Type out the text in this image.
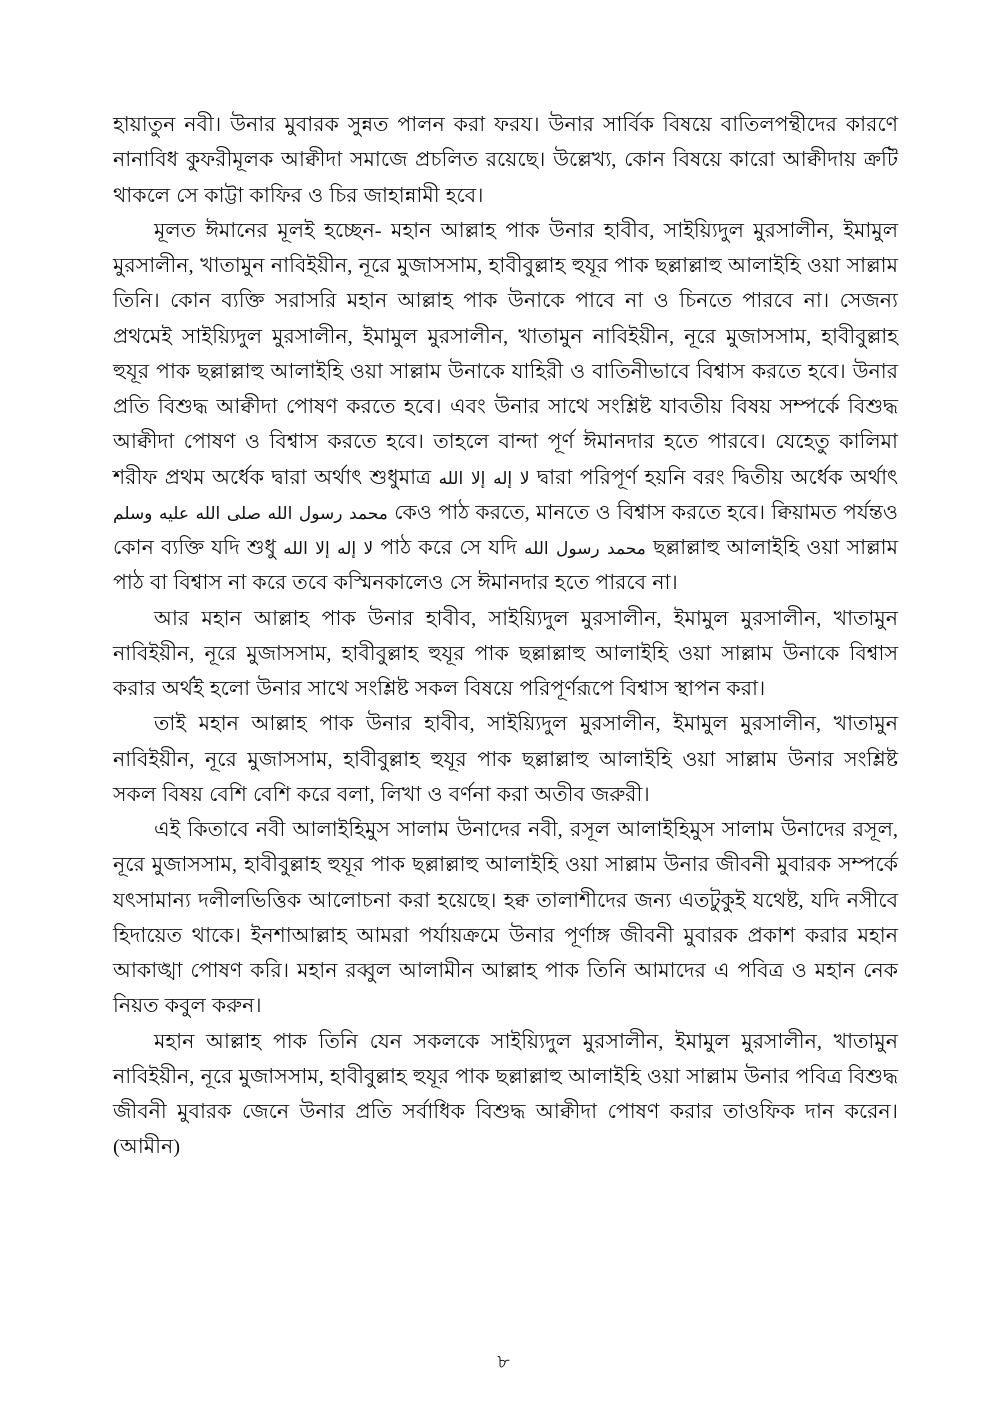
হায়াতুন নবী। উনার মুবারক সুন্নত পালন করা ফরয। উনার সার্বিক বিষয়ে বাতিলপন্থীদের কারণে নানাবিধ কুফরীমূলক আক্বীদা সমাজে প্রচলিত রয়েছে। উল্লেখ্য, কোন বিষয়ে কারো আক্বীদায় ক্রটি থাকলে সে কাট্টা কাফির ও চির জাহান্নামী হবে।

মূলত ঈমানের মূলই হচ্ছেন- মহান আল্লাহ পাক উনার হাবীব, সাইয়্যিদুল মুরসালীন, ইমামুল মুরসালীন, খাতামুন নাবিইয়ীন, নূরে মুজাসসাম, হাবীবুল্লাহ হুযূর পাক ছল্লাল্লাহু আলাইহি ওয়া সাল্লাম তিনি। কোন ব্যক্তি সরাসরি মহান আল্লাহ পাক উনাকে পাবে না ও চিনতে পারবে না। সেজন্য প্রথমেই সাইয়্যিদুল মুরসালীন, ইমামুল মুরসালীন, খাতামুন নাবিইয়ীন, নূরে মুজাসসাম, হাবীবুল্লাহ হুযূর পাক ছল্লাল্লাহু আলাইহি ওয়া সাল্লাম উনাকে যাহিরী ও বাতিনীভাবে বিশ্বাস করতে হবে। উনার প্রতি বিশুদ্ধ আক্বীদা পোষণ করতে হবে। এবং উনার সাথে সংশ্লিষ্ট যাবতীয় বিষয় সম্পর্কে বিশুদ্ধ আক্বীদা পোষণ ও বিশ্বাস করতে হবে। তাহলে বান্দা পূর্ণ ঈমানদার হতে পারবে। যেহেতু কালিমা শরীফ প্রথম অর্ধেক দ্বারা অর্থাৎ শুধুমাত্র لا إله إلا الله দ্বারা পরিপূর্ণ হয়নি বরং দ্বিতীয় অর্ধেক অর্থাৎ محمد رسول الله صلى الله عليه وسلم কেও পাঠ করতে, মানতে ও বিশ্বাস করতে হবে। ক্বিয়ামত পর্যন্তও কোন ব্যক্তি যদি শুধু لا إله إلا الله পাঠ করে সে যদি محمد رسول الله ছল্লাল্লাহু আলাইহি ওয়া সাল্লাম পাঠ বা বিশ্বাস না করে তবে কস্মিনকালেও সে ঈমানদার হতে পারবে না।

আর মহান আল্লাহ পাক উনার হাবীব, সাইয়্যিদুল মুরসালীন, ইমামুল মুরসালীন, খাতামুন নাবিইয়ীন, নূরে মুজাসসাম, হাবীবুল্লাহ হুযূর পাক ছল্লাল্লাহু আলাইহি ওয়া সাল্লাম উনাকে বিশ্বাস করার অর্থই হলো উনার সাথে সংশ্লিষ্ট সকল বিষয়ে পরিপূর্ণরূপে বিশ্বাস স্থাপন করা।

তাই মহান আল্লাহ পাক উনার হাবীব, সাইয়্যিদুল মুরসালীন, ইমামুল মুরসালীন, খাতামুন নাবিইয়ীন, নূরে মুজাসসাম, হাবীবুল্লাহ হুযূর পাক ছল্লাল্লাহু আলাইহি ওয়া সাল্লাম উনার সংশ্লিষ্ট সকল বিষয় বেশি বেশি করে বলা, লিখা ও বর্ণনা করা অতীব জরুরী।

এই কিতাবে নবী আলাইহিমুস সালাম উনাদের নবী, রসূল আলাইহিমুস সালাম উনাদের রসূল, নূরে মুজাসসাম, হাবীবুল্লাহ হুযূর পাক ছল্লাল্লাহু আলাইহি ওয়া সাল্লাম উনার জীবনী মুবারক সম্পর্কে যৎসামান্য দলীলভিত্তিক আলোচনা করা হয়েছে। হক্ব তালাশীদের জন্য এতটুকুই যথেষ্ট, যদি নসীবে হিদায়েত থাকে। ইনশাআল্লাহ আমরা পর্যায়ক্রমে উনার পূর্ণাঙ্গ জীবনী মুবারক প্রকাশ করার মহান আকাঙ্খা পোষণ করি। মহান রব্বুল আলামীন আল্লাহ পাক তিনি আমাদের এ পবিত্র ও মহান নেক নিয়ত কবুল করুন।

মহান আল্লাহ পাক তিনি যেন সকলকে সাইয়্যিদুল মুরসালীন, ইমামুল মুরসালীন, খাতামুন নাবিইয়ীন, নূরে মুজাসসাম, হাবীবুল্লাহ হুযূর পাক ছল্লাল্লাহু আলাইহি ওয়া সাল্লাম উনার পবিত্র বিশুদ্ধ জীবনী মুবারক জেনে উনার প্রতি সর্বাধিক বিশুদ্ধ আক্বীদা পোষণ করার তাওফিক দান করেন। (আমীন)

৮
